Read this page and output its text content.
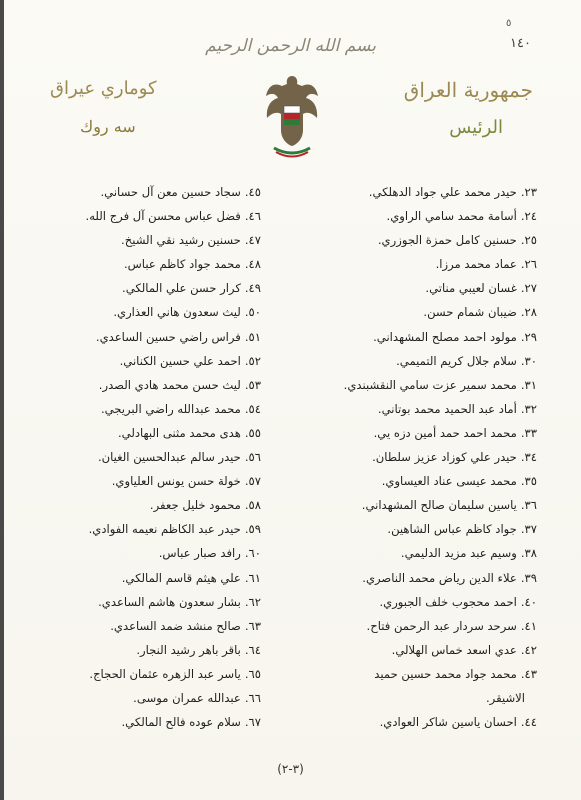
٥
١٤٠
بسم الله الرحمن الرحيم
جمهورية العراق
كوماري عيراق
الرئيس
سه روك
٢٣.حيدر محمد علي جواد الدهلكي.
٢٤.أسامة محمد سامي الراوي.
٢٥.حسنين كامل حمزة الجوزري.
٢٦.عماد محمد مرزا.
٢٧.غسان لعيبي مناتي.
٢٨.ضيبان شمام حسن.
٢٩.مولود احمد مصلح المشهداني.
٣٠.سلام جلال كريم التميمي.
٣١.محمد سمير عزت سامي النقشبندي.
٣٢.أماد عبد الحميد محمد بوتاني.
٣٣.محمد احمد حمد أمين دزه يي.
٣٤.حيدر علي كوزاد عزيز سلطان.
٣٥.محمد عيسى عناد العيساوي.
٣٦.ياسين سليمان صالح المشهداني.
٣٧.جواد كاظم عباس الشاهين.
٣٨.وسيم عبد مزيد الدليمي.
٣٩.علاء الدين رياض محمد الناصري.
٤٠.احمد محجوب خلف الجبوري.
٤١.سرحد سردار عبد الرحمن فتاح.
٤٢.عدي اسعد خماس الهلالي.
٤٣.محمد جواد محمد حسين حميد
الاشيقر.
٤٤.احسان ياسين شاكر العوادي.
٤٥.سجاد حسين معن آل حساني.
٤٦.فضل عباس محسن آل فرج الله.
٤٧.حسنين رشيد نقي الشيخ.
٤٨.محمد جواد كاظم عباس.
٤٩.كرار حسن علي المالكي.
٥٠.ليث سعدون هاني العذاري.
٥١.فراس راضي حسين الساعدي.
٥٢.احمد علي حسين الكناني.
٥٣.ليث حسن محمد هادي الصدر.
٥٤.محمد عبدالله راضي البريجي.
٥٥.هدى محمد مثنى البهادلي.
٥٦.حيدر سالم عبدالحسين الغيان.
٥٧.خولة حسن يونس العلياوي.
٥٨.محمود خليل جعفر.
٥٩.حيدر عبد الكاظم نعيمه الفوادي.
٦٠.رافد صبار عباس.
٦١.علي هيثم قاسم المالكي.
٦٢.بشار سعدون هاشم الساعدي.
٦٣.صالح منشد ضمد الساعدي.
٦٤.باقر باهر رشيد النجار.
٦٥.ياسر عبد الزهره عثمان الحجاج.
٦٦.عبدالله عمران موسى.
٦٧.سلام عوده فالح المالكي.
(٣-٢)
